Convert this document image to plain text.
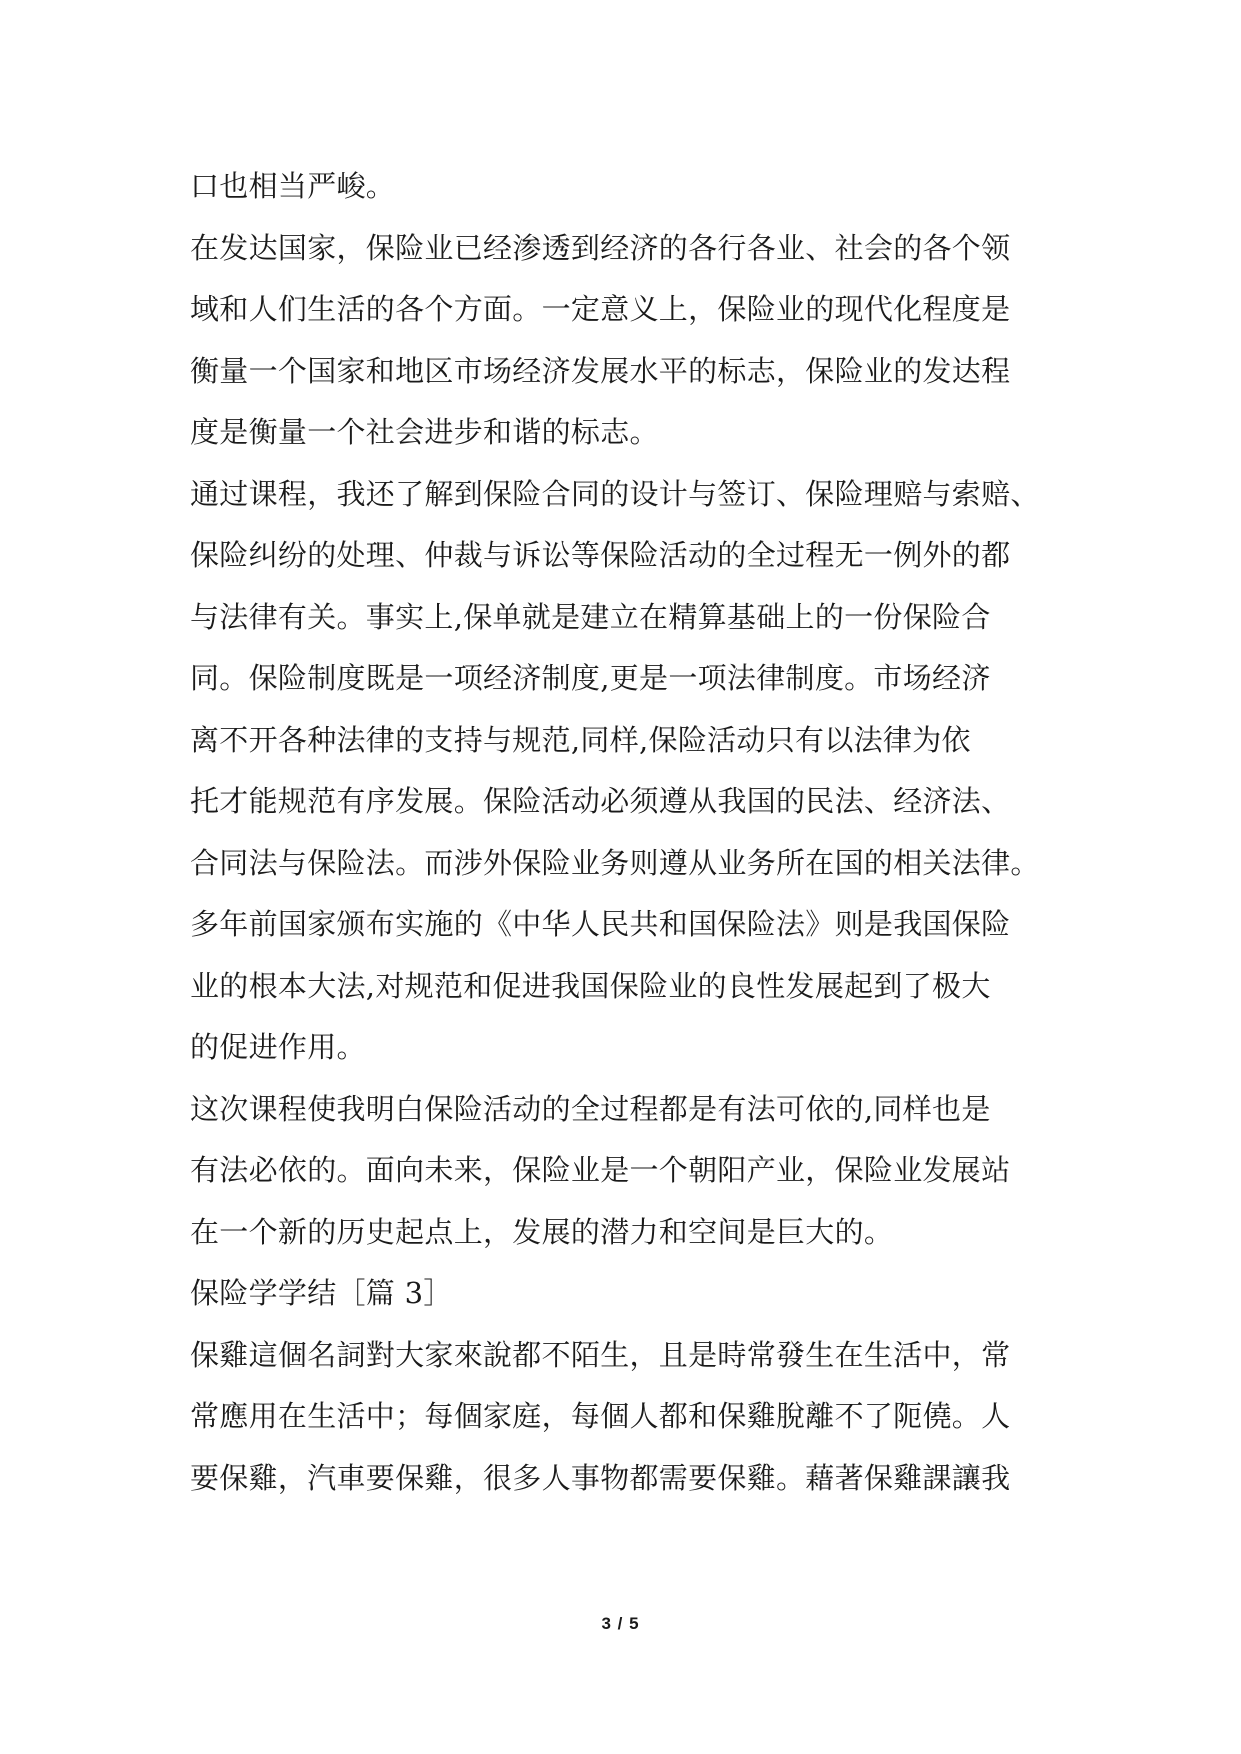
口也相当严峻。
在发达国家，保险业已经渗透到经济的各行各业、社会的各个领
域和人们生活的各个方面。一定意义上，保险业的现代化程度是
衡量一个国家和地区市场经济发展水平的标志，保险业的发达程
度是衡量一个社会进步和谐的标志。
通过课程，我还了解到保险合同的设计与签订、保险理赔与索赔、
保险纠纷的处理、仲裁与诉讼等保险活动的全过程无一例外的都
与法律有关。事实上,保单就是建立在精算基础上的一份保险合
同。保险制度既是一项经济制度,更是一项法律制度。市场经济
离不开各种法律的支持与规范,同样,保险活动只有以法律为依
托才能规范有序发展。保险活动必须遵从我国的民法、经济法、
合同法与保险法。而涉外保险业务则遵从业务所在国的相关法律。
多年前国家颁布实施的《中华人民共和国保险法》则是我国保险
业的根本大法,对规范和促进我国保险业的良性发展起到了极大
的促进作用。
这次课程使我明白保险活动的全过程都是有法可依的,同样也是
有法必依的。面向未来，保险业是一个朝阳产业，保险业发展站
在一个新的历史起点上，发展的潜力和空间是巨大的。
保险学学结［篇 3］
保雞這個名詞對大家來說都不陌生，且是時常發生在生活中，常
常應用在生活中；每個家庭，每個人都和保雞脫離不了阨僥。人
要保雞，汽車要保雞，很多人事物都需要保雞。藉著保雞課讓我
3 / 5
